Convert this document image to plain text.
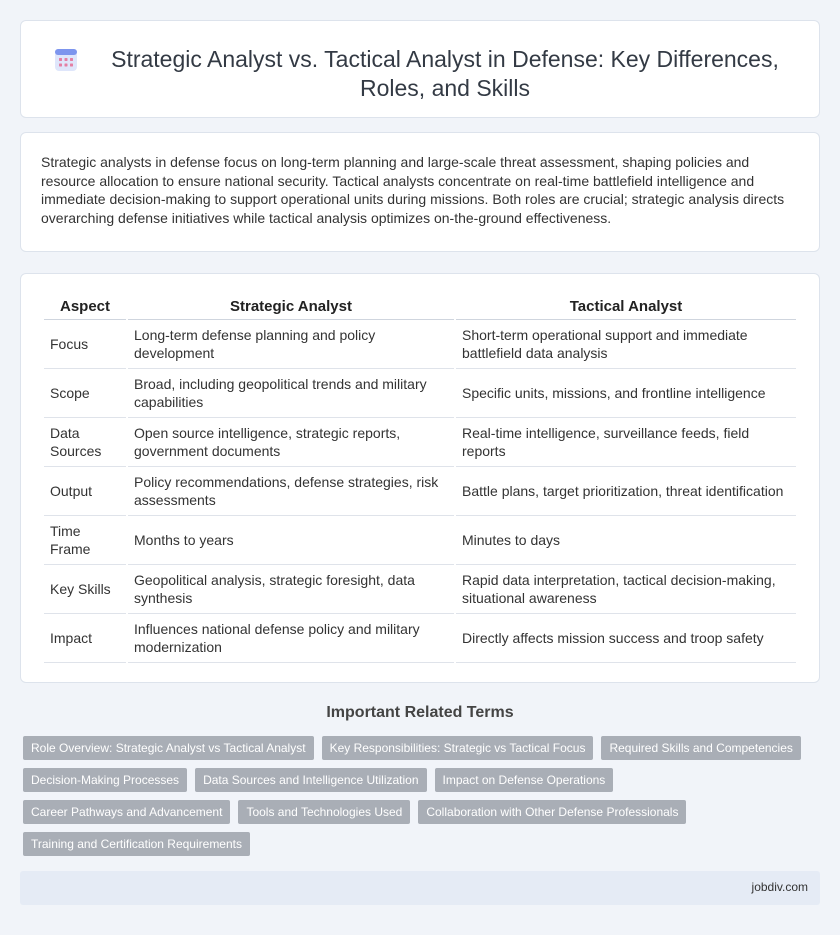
Strategic Analyst vs. Tactical Analyst in Defense: Key Differences, Roles, and Skills

Strategic analysts in defense focus on long-term planning and large-scale threat assessment, shaping policies and resource allocation to ensure national security. Tactical analysts concentrate on real-time battlefield intelligence and immediate decision-making to support operational units during missions. Both roles are crucial; strategic analysis directs overarching defense initiatives while tactical analysis optimizes on-the-ground effectiveness.

Aspect	Strategic Analyst	Tactical Analyst
Focus	Long-term defense planning and policy development	Short-term operational support and immediate battlefield data analysis
Scope	Broad, including geopolitical trends and military capabilities	Specific units, missions, and frontline intelligence
Data Sources	Open source intelligence, strategic reports, government documents	Real-time intelligence, surveillance feeds, field reports
Output	Policy recommendations, defense strategies, risk assessments	Battle plans, target prioritization, threat identification
Time Frame	Months to years	Minutes to days
Key Skills	Geopolitical analysis, strategic foresight, data synthesis	Rapid data interpretation, tactical decision-making, situational awareness
Impact	Influences national defense policy and military modernization	Directly affects mission success and troop safety
Important Related Terms
Role Overview: Strategic Analyst vs Tactical Analyst	Key Responsibilities: Strategic vs Tactical Focus	Required Skills and Competencies
Decision-Making Processes	Data Sources and Intelligence Utilization	Impact on Defense Operations
Career Pathways and Advancement	Tools and Technologies Used	Collaboration with Other Defense Professionals
Training and Certification Requirements
jobdiv.com
